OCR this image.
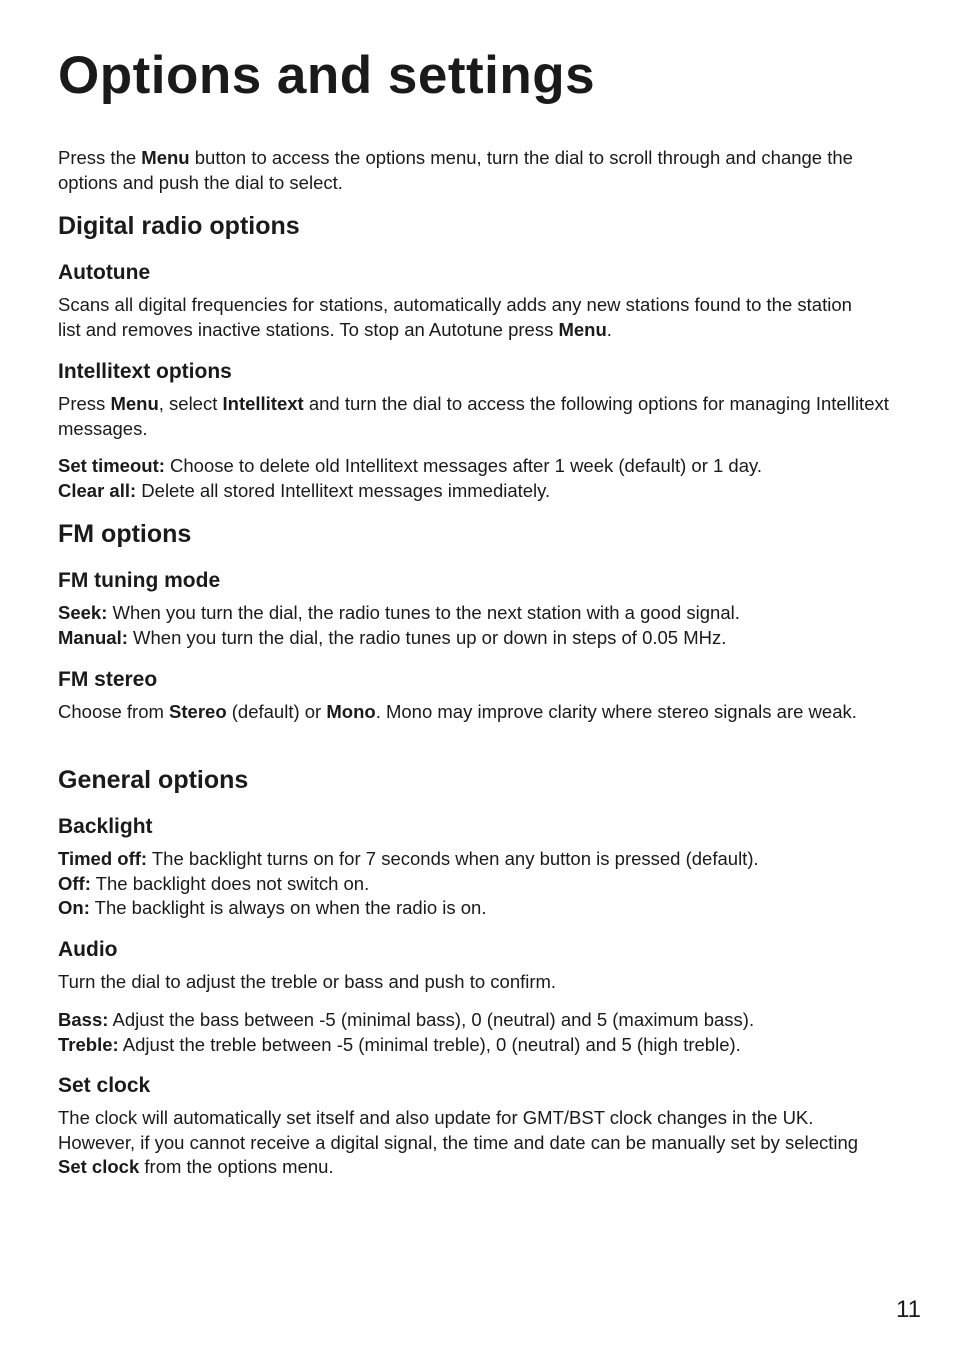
Options and settings

Press the Menu button to access the options menu, turn the dial to scroll through and change the options and push the dial to select.

Digital radio options
Autotune

Scans all digital frequencies for stations, automatically adds any new stations found to the station list and removes inactive stations. To stop an Autotune press Menu.

Intellitext options

Press Menu, select Intellitext and turn the dial to access the following options for managing Intellitext messages.

Set timeout: Choose to delete old Intellitext messages after 1 week (default) or 1 day.
Clear all: Delete all stored Intellitext messages immediately.

FM options
FM tuning mode

Seek: When you turn the dial, the radio tunes to the next station with a good signal.
Manual: When you turn the dial, the radio tunes up or down in steps of 0.05 MHz.

FM stereo

Choose from Stereo (default) or Mono. Mono may improve clarity where stereo signals are weak.

General options
Backlight

Timed off: The backlight turns on for 7 seconds when any button is pressed (default).
Off: The backlight does not switch on.
On: The backlight is always on when the radio is on.

Audio

Turn the dial to adjust the treble or bass and push to confirm.

Bass: Adjust the bass between -5 (minimal bass), 0 (neutral) and 5 (maximum bass).
Treble: Adjust the treble between -5 (minimal treble), 0 (neutral) and 5 (high treble).

Set clock

The clock will automatically set itself and also update for GMT/BST clock changes in the UK. However, if you cannot receive a digital signal, the time and date can be manually set by selecting Set clock from the options menu.

11
